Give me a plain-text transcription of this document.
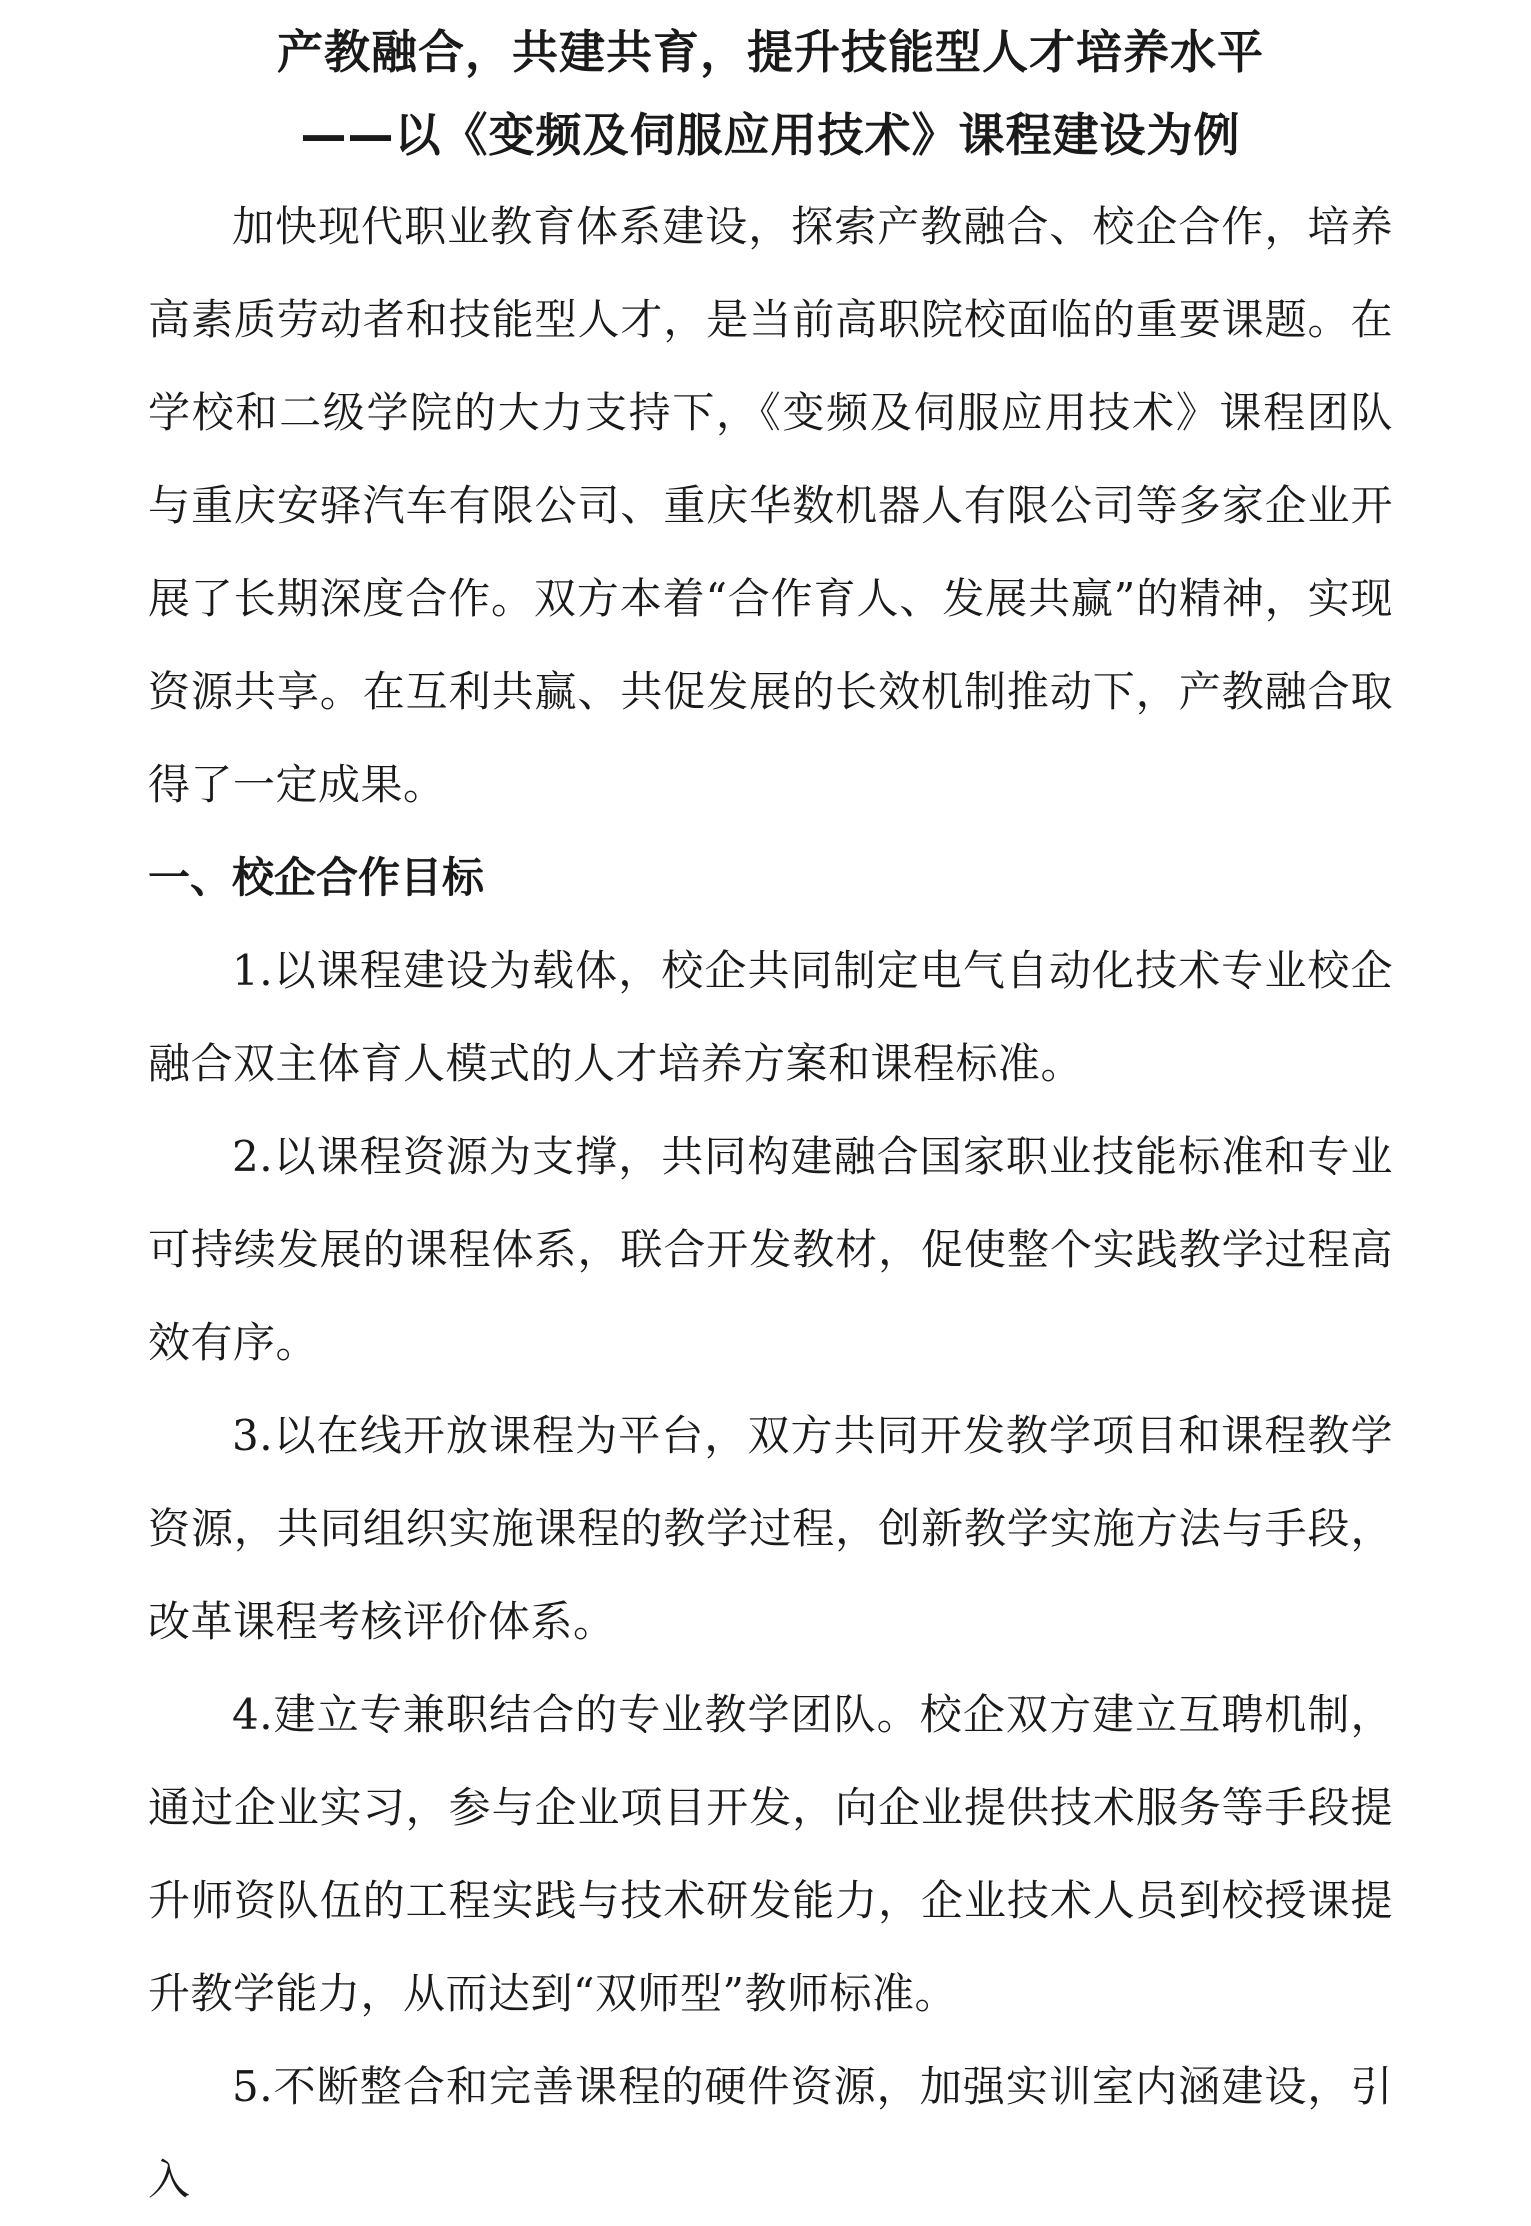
产教融合，共建共育，提升技能型人才培养水平
——以《变频及伺服应用技术》课程建设为例

加快现代职业教育体系建设，探索产教融合、校企合作，培养高素质劳动者和技能型人才，是当前高职院校面临的重要课题。在学校和二级学院的大力支持下，《变频及伺服应用技术》课程团队与重庆安驿汽车有限公司、重庆华数机器人有限公司等多家企业开展了长期深度合作。双方本着“合作育人、发展共赢”的精神，实现资源共享。在互利共赢、共促发展的长效机制推动下，产教融合取得了一定成果。

一、校企合作目标

1.以课程建设为载体，校企共同制定电气自动化技术专业校企融合双主体育人模式的人才培养方案和课程标准。

2.以课程资源为支撑，共同构建融合国家职业技能标准和专业可持续发展的课程体系，联合开发教材，促使整个实践教学过程高效有序。

3.以在线开放课程为平台，双方共同开发教学项目和课程教学资源，共同组织实施课程的教学过程，创新教学实施方法与手段，改革课程考核评价体系。

4.建立专兼职结合的专业教学团队。校企双方建立互聘机制，通过企业实习，参与企业项目开发，向企业提供技术服务等手段提升师资队伍的工程实践与技术研发能力，企业技术人员到校授课提升教学能力，从而达到“双师型”教师标准。

5.不断整合和完善课程的硬件资源，加强实训室内涵建设，引入
